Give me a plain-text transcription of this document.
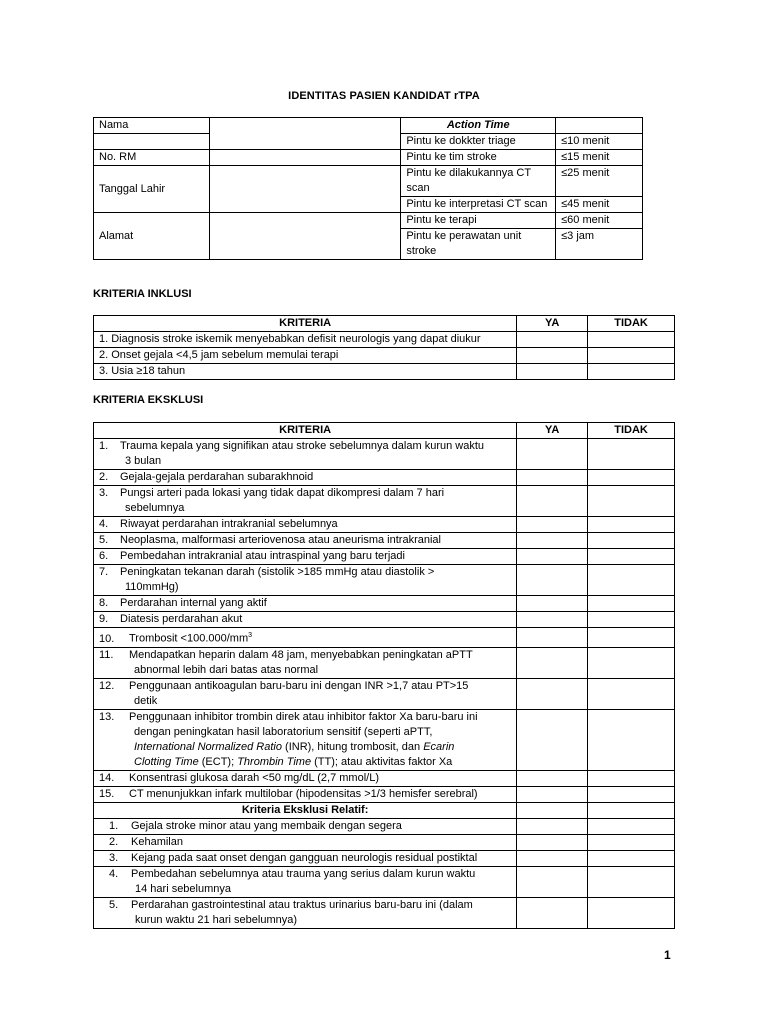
IDENTITAS PASIEN KANDIDAT rTPA
Nama		Action Time	
		Pintu ke dokkter triage	≤10 menit
No. RM		Pintu ke tim stroke	≤15 menit
Tanggal Lahir		Pintu ke dilakukannya CT scan	≤25 menit
		Pintu ke interpretasi CT scan	≤45 menit
Alamat		Pintu ke terapi	≤60 menit
		Pintu ke perawatan unit stroke	≤3 jam
KRITERIA INKLUSI
KRITERIA	YA	TIDAK
1. Diagnosis stroke iskemik menyebabkan defisit neurologis yang dapat diukur		
2. Onset gejala <4,5 jam sebelum memulai terapi		
3. Usia ≥18 tahun		
KRITERIA EKSKLUSI
KRITERIA	YA	TIDAK

1. Trauma kepala yang signifikan atau stroke sebelumnya dalam kurun waktu
3 bulan		

2. Gejala-gejala perdarahan subarakhnoid		

3. Pungsi arteri pada lokasi yang tidak dapat dikompresi dalam 7 hari
sebelumnya		

4. Riwayat perdarahan intrakranial sebelumnya		
5. Neoplasma, malformasi arteriovenosa atau aneurisma intrakranial		
6. Pembedahan intrakranial atau intraspinal yang baru terjadi		

7. Peningkatan tekanan darah (sistolik >185 mmHg atau diastolik >
110mmHg)		

8. Perdarahan internal yang aktif		
9. Diatesis perdarahan akut		
10. Trombosit $<100.000/mm^3$		

11. Mendapatkan heparin dalam 48 jam, menyebabkan peningkatan aPTT
abnormal lebih dari batas atas normal		

12. Penggunaan antikoagulan baru-baru ini dengan INR >1,7 atau PT>15
detik		

13. Penggunaan inhibitor trombin direk atau inhibitor faktor Xa baru-baru ini
dengan peningkatan hasil laboratorium sensitif (seperti aPTT,
International Normalized Ratio (INR), hitung trombosit, dan Ecarin
Clotting Time (ECT); Thrombin Time (TT); atau aktivitas faktor Xa		

14. Konsentrasi glukosa darah <50 mg/dL (2,7 mmol/L)		
15. CT menunjukkan infark multilobar (hipodensitas >1/3 hemisfer serebral)		
Kriteria Eksklusi Relatif:		
1. Gejala stroke minor atau yang membaik dengan segera		
2. Kehamilan		
3. Kejang pada saat onset dengan gangguan neurologis residual postiktal		

4. Pembedahan sebelumnya atau trauma yang serius dalam kurun waktu
14 hari sebelumnya		

5. Perdarahan gastrointestinal atau traktus urinarius baru-baru ini (dalam
kurun waktu 21 hari sebelumnya)		

1
